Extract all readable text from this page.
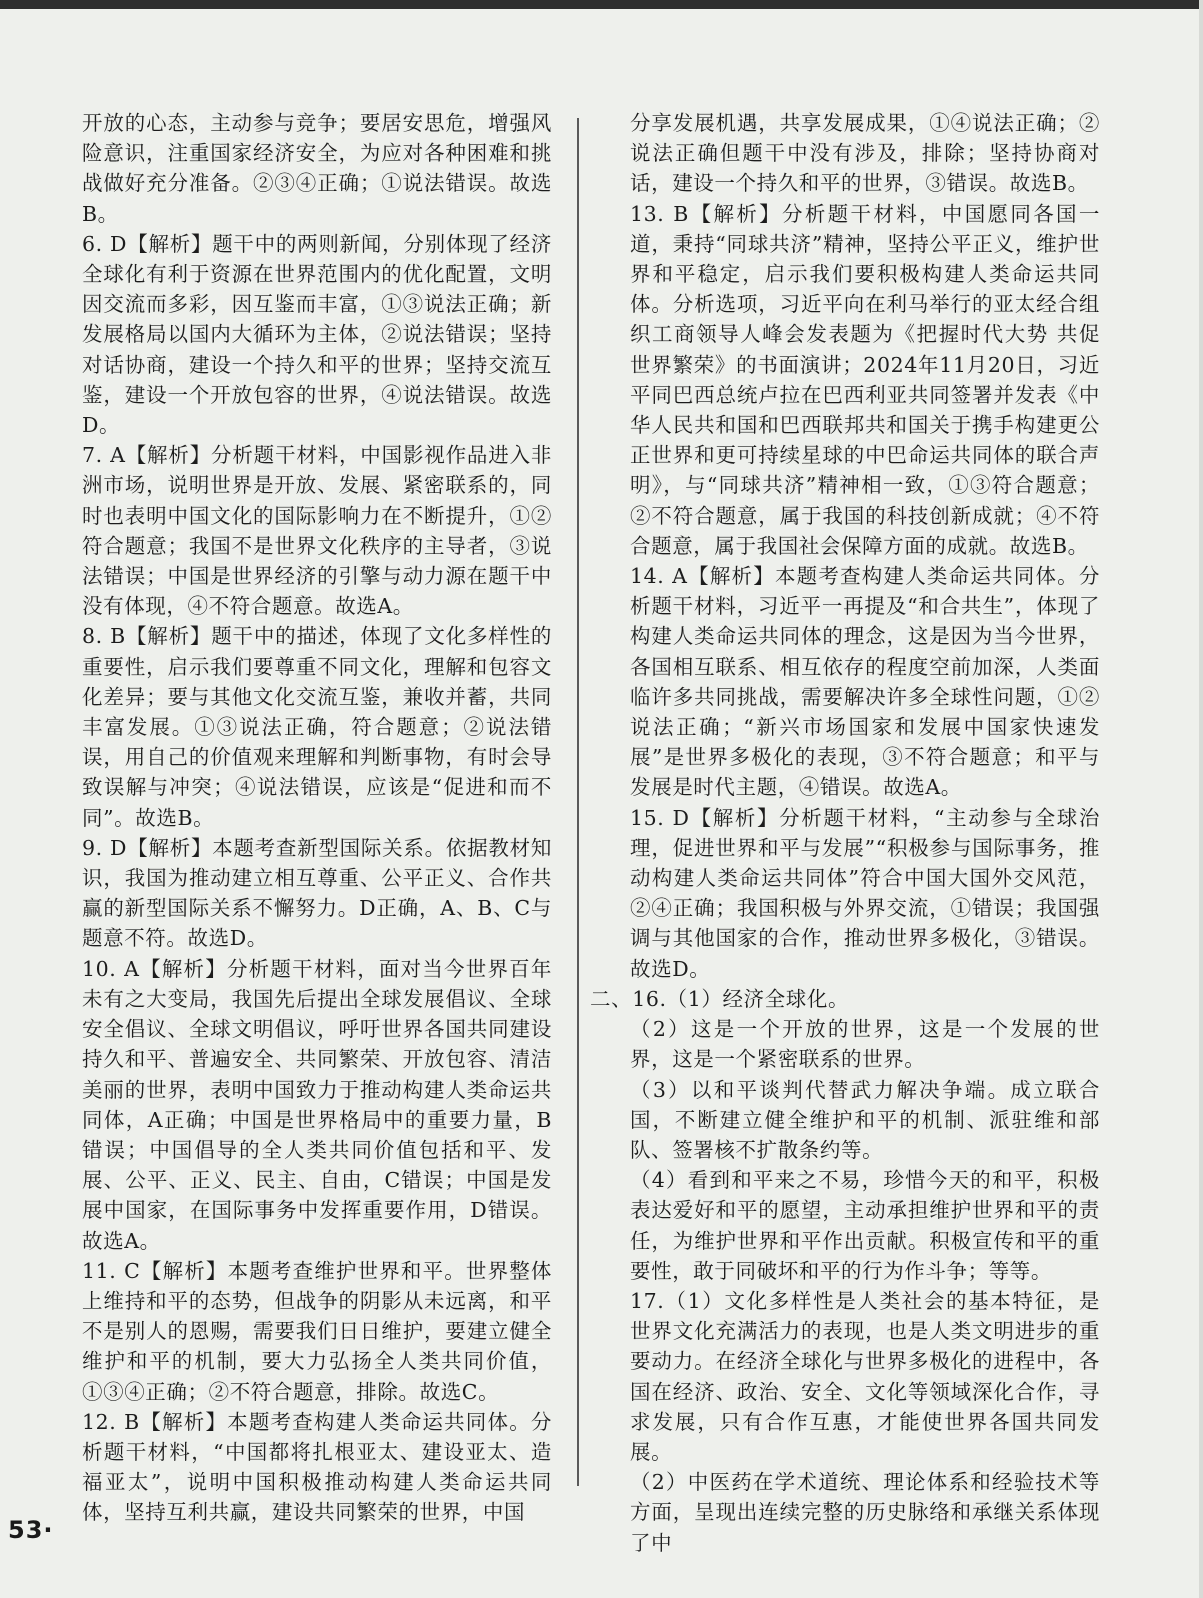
开放的心态，主动参与竞争；要居安思危，增强风险意识，注重国家经济安全，为应对各种困难和挑战做好充分准备。②③④正确；①说法错误。故选B。

6. D【解析】题干中的两则新闻，分别体现了经济全球化有利于资源在世界范围内的优化配置，文明因交流而多彩，因互鉴而丰富，①③说法正确；新发展格局以国内大循环为主体，②说法错误；坚持对话协商，建设一个持久和平的世界；坚持交流互鉴，建设一个开放包容的世界，④说法错误。故选D。

7. A【解析】分析题干材料，中国影视作品进入非洲市场，说明世界是开放、发展、紧密联系的，同时也表明中国文化的国际影响力在不断提升，①②符合题意；我国不是世界文化秩序的主导者，③说法错误；中国是世界经济的引擎与动力源在题干中没有体现，④不符合题意。故选A。

8. B【解析】题干中的描述，体现了文化多样性的重要性，启示我们要尊重不同文化，理解和包容文化差异；要与其他文化交流互鉴，兼收并蓄，共同丰富发展。①③说法正确，符合题意；②说法错误，用自己的价值观来理解和判断事物，有时会导致误解与冲突；④说法错误，应该是“促进和而不同”。故选B。

9. D【解析】本题考查新型国际关系。依据教材知识，我国为推动建立相互尊重、公平正义、合作共赢的新型国际关系不懈努力。D正确，A、B、C与题意不符。故选D。

10. A【解析】分析题干材料，面对当今世界百年未有之大变局，我国先后提出全球发展倡议、全球安全倡议、全球文明倡议，呼吁世界各国共同建设持久和平、普遍安全、共同繁荣、开放包容、清洁美丽的世界，表明中国致力于推动构建人类命运共同体，A正确；中国是世界格局中的重要力量，B错误；中国倡导的全人类共同价值包括和平、发展、公平、正义、民主、自由，C错误；中国是发展中国家，在国际事务中发挥重要作用，D错误。故选A。

11. C【解析】本题考查维护世界和平。世界整体上维持和平的态势，但战争的阴影从未远离，和平不是别人的恩赐，需要我们日日维护，要建立健全维护和平的机制，要大力弘扬全人类共同价值，①③④正确；②不符合题意，排除。故选C。

12. B【解析】本题考查构建人类命运共同体。分析题干材料，“中国都将扎根亚太、建设亚太、造福亚太”，说明中国积极推动构建人类命运共同体，坚持互利共赢，建设共同繁荣的世界，中国

分享发展机遇，共享发展成果，①④说法正确；②说法正确但题干中没有涉及，排除；坚持协商对话，建设一个持久和平的世界，③错误。故选B。

13. B【解析】分析题干材料，中国愿同各国一道，秉持“同球共济”精神，坚持公平正义，维护世界和平稳定，启示我们要积极构建人类命运共同体。分析选项，习近平向在利马举行的亚太经合组织工商领导人峰会发表题为《把握时代大势 共促世界繁荣》的书面演讲；2024年11月20日，习近平同巴西总统卢拉在巴西利亚共同签署并发表《中华人民共和国和巴西联邦共和国关于携手构建更公正世界和更可持续星球的中巴命运共同体的联合声明》，与“同球共济”精神相一致，①③符合题意；②不符合题意，属于我国的科技创新成就；④不符合题意，属于我国社会保障方面的成就。故选B。

14. A【解析】本题考查构建人类命运共同体。分析题干材料，习近平一再提及“和合共生”，体现了构建人类命运共同体的理念，这是因为当今世界，各国相互联系、相互依存的程度空前加深，人类面临许多共同挑战，需要解决许多全球性问题，①②说法正确；“新兴市场国家和发展中国家快速发展”是世界多极化的表现，③不符合题意；和平与发展是时代主题，④错误。故选A。

15. D【解析】分析题干材料，“主动参与全球治理，促进世界和平与发展”“积极参与国际事务，推动构建人类命运共同体”符合中国大国外交风范，②④正确；我国积极与外界交流，①错误；我国强调与其他国家的合作，推动世界多极化，③错误。故选D。

二、16.（1）经济全球化。

（2）这是一个开放的世界，这是一个发展的世界，这是一个紧密联系的世界。

（3）以和平谈判代替武力解决争端。成立联合国，不断建立健全维护和平的机制、派驻维和部队、签署核不扩散条约等。

（4）看到和平来之不易，珍惜今天的和平，积极表达爱好和平的愿望，主动承担维护世界和平的责任，为维护世界和平作出贡献。积极宣传和平的重要性，敢于同破坏和平的行为作斗争；等等。

17.（1）文化多样性是人类社会的基本特征，是世界文化充满活力的表现，也是人类文明进步的重要动力。在经济全球化与世界多极化的进程中，各国在经济、政治、安全、文化等领域深化合作，寻求发展，只有合作互惠，才能使世界各国共同发展。

（2）中医药在学术道统、理论体系和经验技术等方面，呈现出连续完整的历史脉络和承继关系体现了中

53·
